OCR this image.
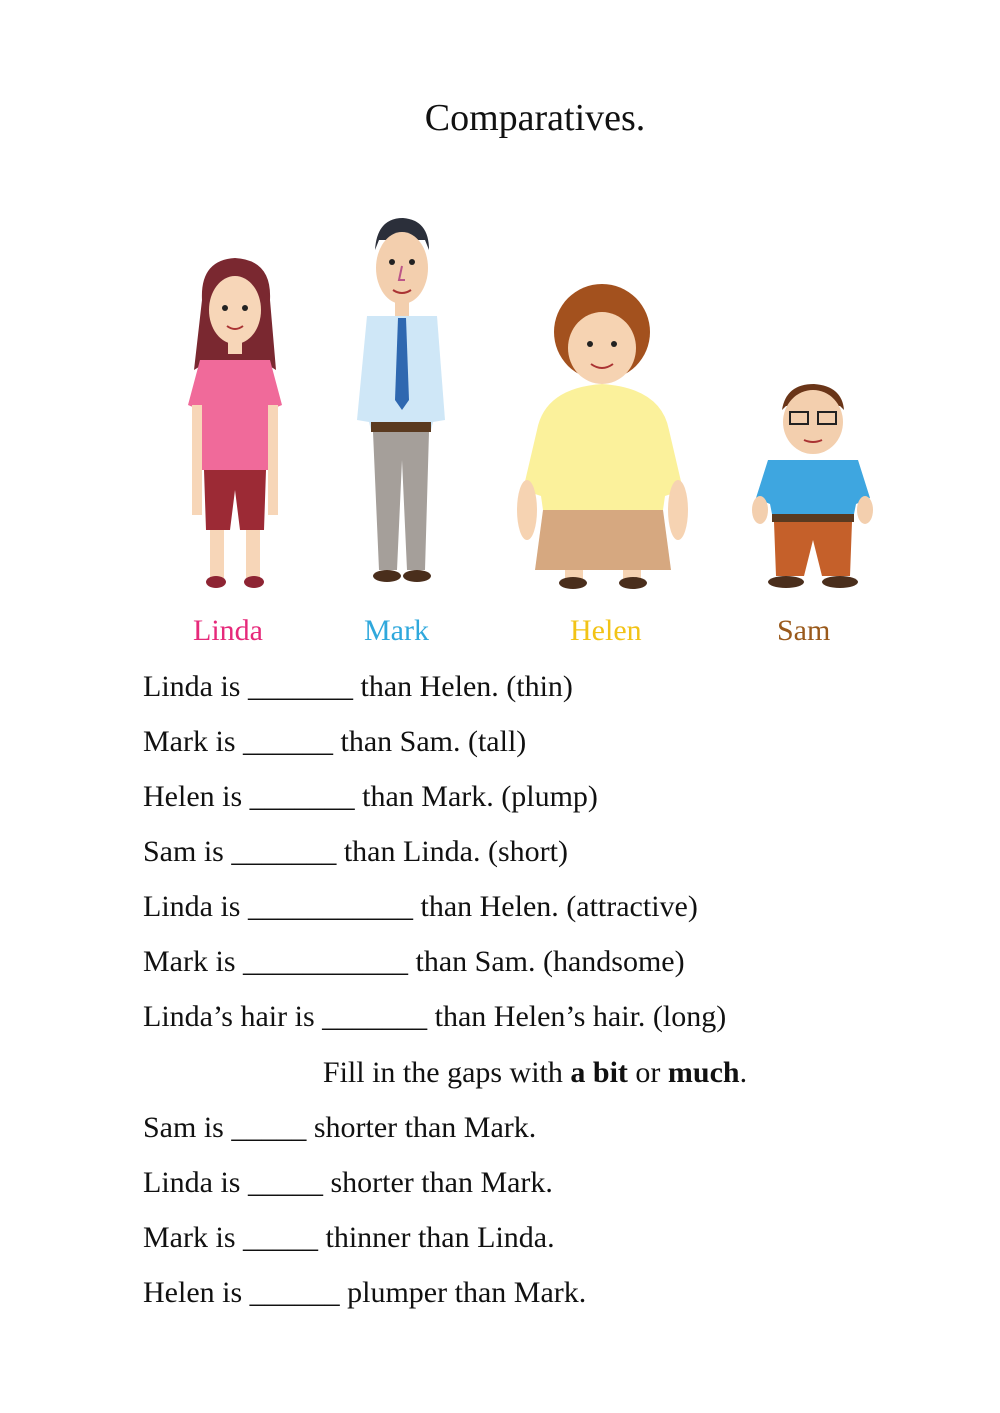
Comparatives.
Linda	Mark	Helen	Sam
Linda is _______ than Helen. (thin)
Mark is ______ than Sam. (tall)
Helen is _______ than Mark. (plump)
Sam is _______ than Linda. (short)
Linda is ___________ than Helen. (attractive)
Mark is ___________ than Sam. (handsome)
Linda’s hair is _______ than Helen’s hair. (long)
Fill in the gaps with a bit or much.
Sam is _____ shorter than Mark.
Linda is _____ shorter than Mark.
Mark is _____ thinner than Linda.
Helen is ______ plumper than Mark.
